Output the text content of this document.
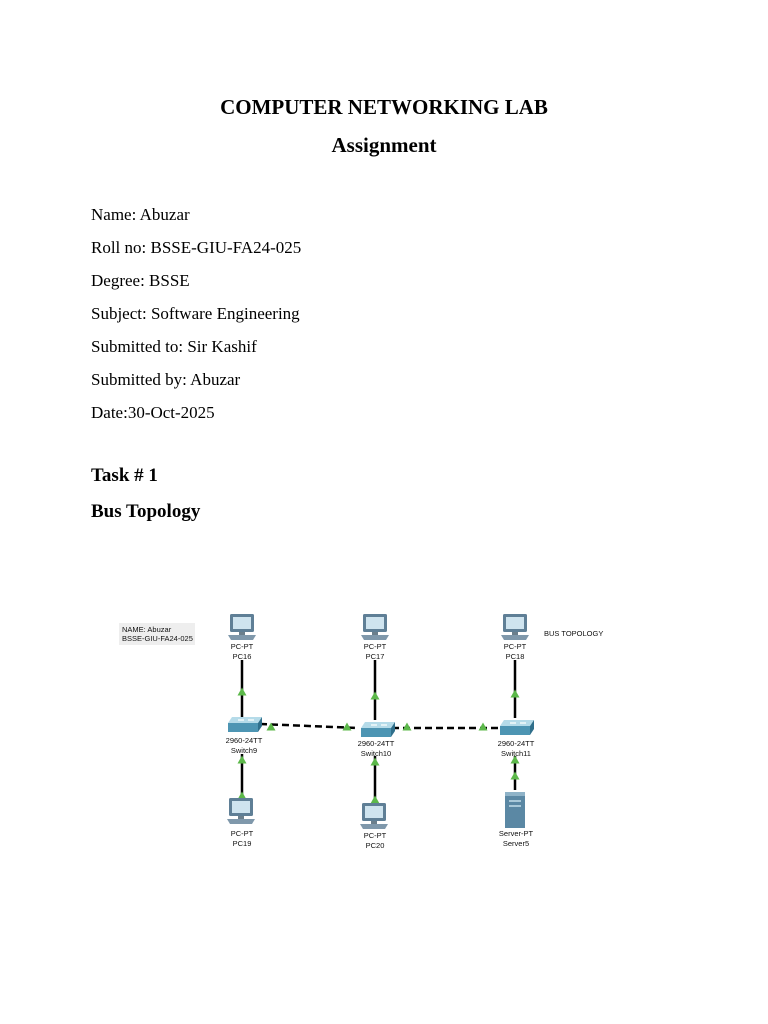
COMPUTER NETWORKING LAB
Assignment
Name: Abuzar
Roll no: BSSE-GIU-FA24-025
Degree: BSSE
Subject: Software Engineering
Submitted to: Sir Kashif
Submitted by: Abuzar
Date:30-Oct-2025
Task # 1
Bus Topology
NAME: Abuzar
BSSE-GIU-FA24-025
BUS TOPOLOGY
PC-PT
PC16
PC-PT
PC17
PC-PT
PC18
2960-24TT
Switch9
2960-24TT
Switch10
2960-24TT
Switch11
PC-PT
PC19
PC-PT
PC20
Server-PT
Server5
